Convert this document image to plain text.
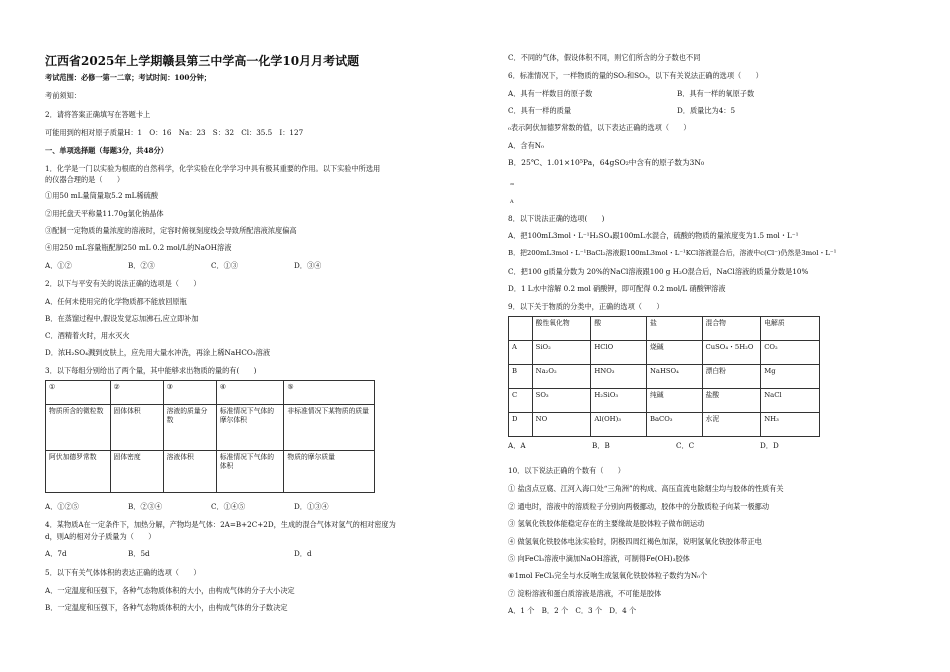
江西省2025年上学期赣县第三中学高一化学10月月考试题
考试范围：必修一第一二章；考试时间：100分钟；
考前须知：
2．请将答案正确填写在答题卡上
可能用到的相对原子质量H：1　O：16　Na：23　S：32　Cl：35.5　I：127
一、单项选择题（每题3分，共48分）
1．化学是一门以实验为根底的自然科学，化学实验在化学学习中具有极其重要的作用。以下实验中所选用
的仪器合理的是（　　）
①用50 mL量筒量取5.2 mL稀硫酸
②用托盘天平称量11.70g氯化钠晶体
③配制一定物质的量浓度的溶液时，定容时俯视刻度线会导致所配溶液浓度偏高
④用250 mL容量瓶配制250 mL 0.2 mol/L的NaOH溶液
A．①②	B．②③	C．①③	D．③④
2．以下与平安有关的说法正确的选项是（　　）
A．任何未使用完的化学物质都不能放回原瓶
B．在蒸馏过程中,假设发觉忘加沸石,应立即补加
C．酒精着火时，用水灭火
D．浓H₂SO₄溅到皮肤上，应先用大量水冲洗，再涂上稀NaHCO₃溶液
3．以下每组分别给出了两个量，其中能够求出物质的量的有(　　)
①	②	③	④	⑤
物质所含的微粒数	固体体积	溶液的质量分数	标准情况下气体的摩尔体积	非标准情况下某物质的质量
阿伏加德罗常数	固体密度	溶液体积	标准情况下气体的体积	物质的摩尔质量
A．①②⑤	B．②③④	C．①④⑤	D．①③④
4．某物质A在一定条件下，加热分解，产物均是气体：2A=B+2C+2D，生成的混合气体对氢气的相对密度为
d，则A的相对分子质量为（　　）
A．7d	B．5d	D．d
5．以下有关气体体积的表达正确的选项（　　）
A．一定温度和压强下，各种气态物质体积的大小，由构成气体的分子大小决定
B．一定温度和压强下，各种气态物质体积的大小，由构成气体的分子数决定
C．不同的气体，假设体积不同，则它们所含的分子数也不同
6．标准情况下，一样物质的量的SO₂和SO₃，以下有关说法正确的选项（　　）
A．具有一样数目的原子数	B．具有一样的氧原子数
C．具有一样的质量	D．质量比为4：5
₀表示阿伏加德罗常数的值，以下表达正确的选项（　　）
A．含有N₀
B．25℃、1.01×10⁵Pa，64gSO₂中含有的原子数为3N₀
₂₀
A
8．以下说法正确的选项(　　)
A．把100mL3mol・L⁻¹H₂SO₄跟100mL水混合，硫酸的物质的量浓度变为1.5 mol・L⁻¹
B．把200mL3mol・L⁻¹BaCl₂溶液跟100mL3mol・L⁻¹KCl溶液混合后，溶液中c(Cl⁻)仍然是3mol・L⁻¹
C．把100 g质量分数为 20%的NaCl溶液跟100 g H₂O混合后，NaCl溶液的质量分数是10%
D．1 L水中溶解 0.2 mol 硝酸钾，即可配得 0.2 mol/L 硝酸钾溶液
9．以下关于物质的分类中，正确的选项（　　）
	酸性氧化物	酸	盐	混合物	电解质
A	SiO₂	HClO	烧碱	CuSO₄・5H₂O	CO₂
B	Na₂O₂	HNO₃	NaHSO₄	漂白粉	Mg
C	SO₃	H₂SiO₃	纯碱	盐酸	NaCl
D	NO	Al(OH)₃	BaCO₃	水泥	NH₃
A．A	B．B	C．C	D．D
10．以下说法正确的个数有（　　）
① 盐卤点豆腐、江河入海口处“三角洲”的构成、高压直流电除烟尘均与胶体的性质有关
② 通电时，溶液中的溶质粒子分别向两极挪动，胶体中的分散质粒子向某一极挪动
③ 氢氧化铁胶体能稳定存在的主要缘故是胶体粒子做布朗运动
④ 做氢氧化铁胶体电泳实验时，阴极四周红褐色加深，说明氢氧化铁胶体带正电
⑤ 向FeCl₃溶液中滴加NaOH溶液，可制得Fe(OH)₃胶体
⑥1mol FeCl₃完全与水反响生成氢氧化铁胶体粒子数约为N₀个
⑦ 淀粉溶液和蛋白质溶液是溶液，不可能是胶体
A．1 个　B．2 个　C．3 个　D．4 个
